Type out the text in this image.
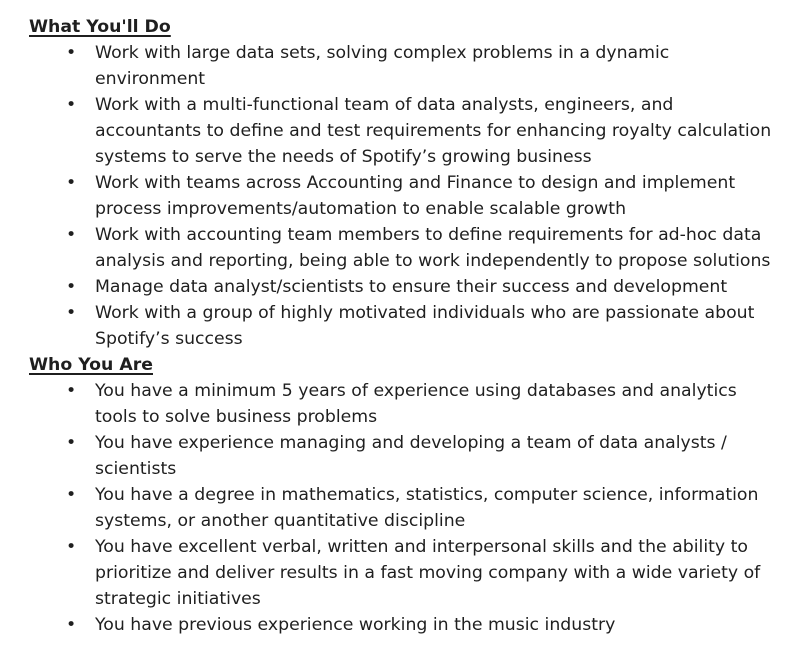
What You'll Do
• Work with large data sets, solving complex problems in a dynamic environment
• Work with a multi-functional team of data analysts, engineers, and accountants to define and test requirements for enhancing royalty calculation systems to serve the needs of Spotify’s growing business
• Work with teams across Accounting and Finance to design and implement process improvements/automation to enable scalable growth
• Work with accounting team members to define requirements for ad-hoc data analysis and reporting, being able to work independently to propose solutions
• Manage data analyst/scientists to ensure their success and development
• Work with a group of highly motivated individuals who are passionate about Spotify’s success
Who You Are
• You have a minimum 5 years of experience using databases and analytics tools to solve business problems
• You have experience managing and developing a team of data analysts / scientists
• You have a degree in mathematics, statistics, computer science, information systems, or another quantitative discipline
• You have excellent verbal, written and interpersonal skills and the ability to prioritize and deliver results in a fast moving company with a wide variety of strategic initiatives
• You have previous experience working in the music industry
